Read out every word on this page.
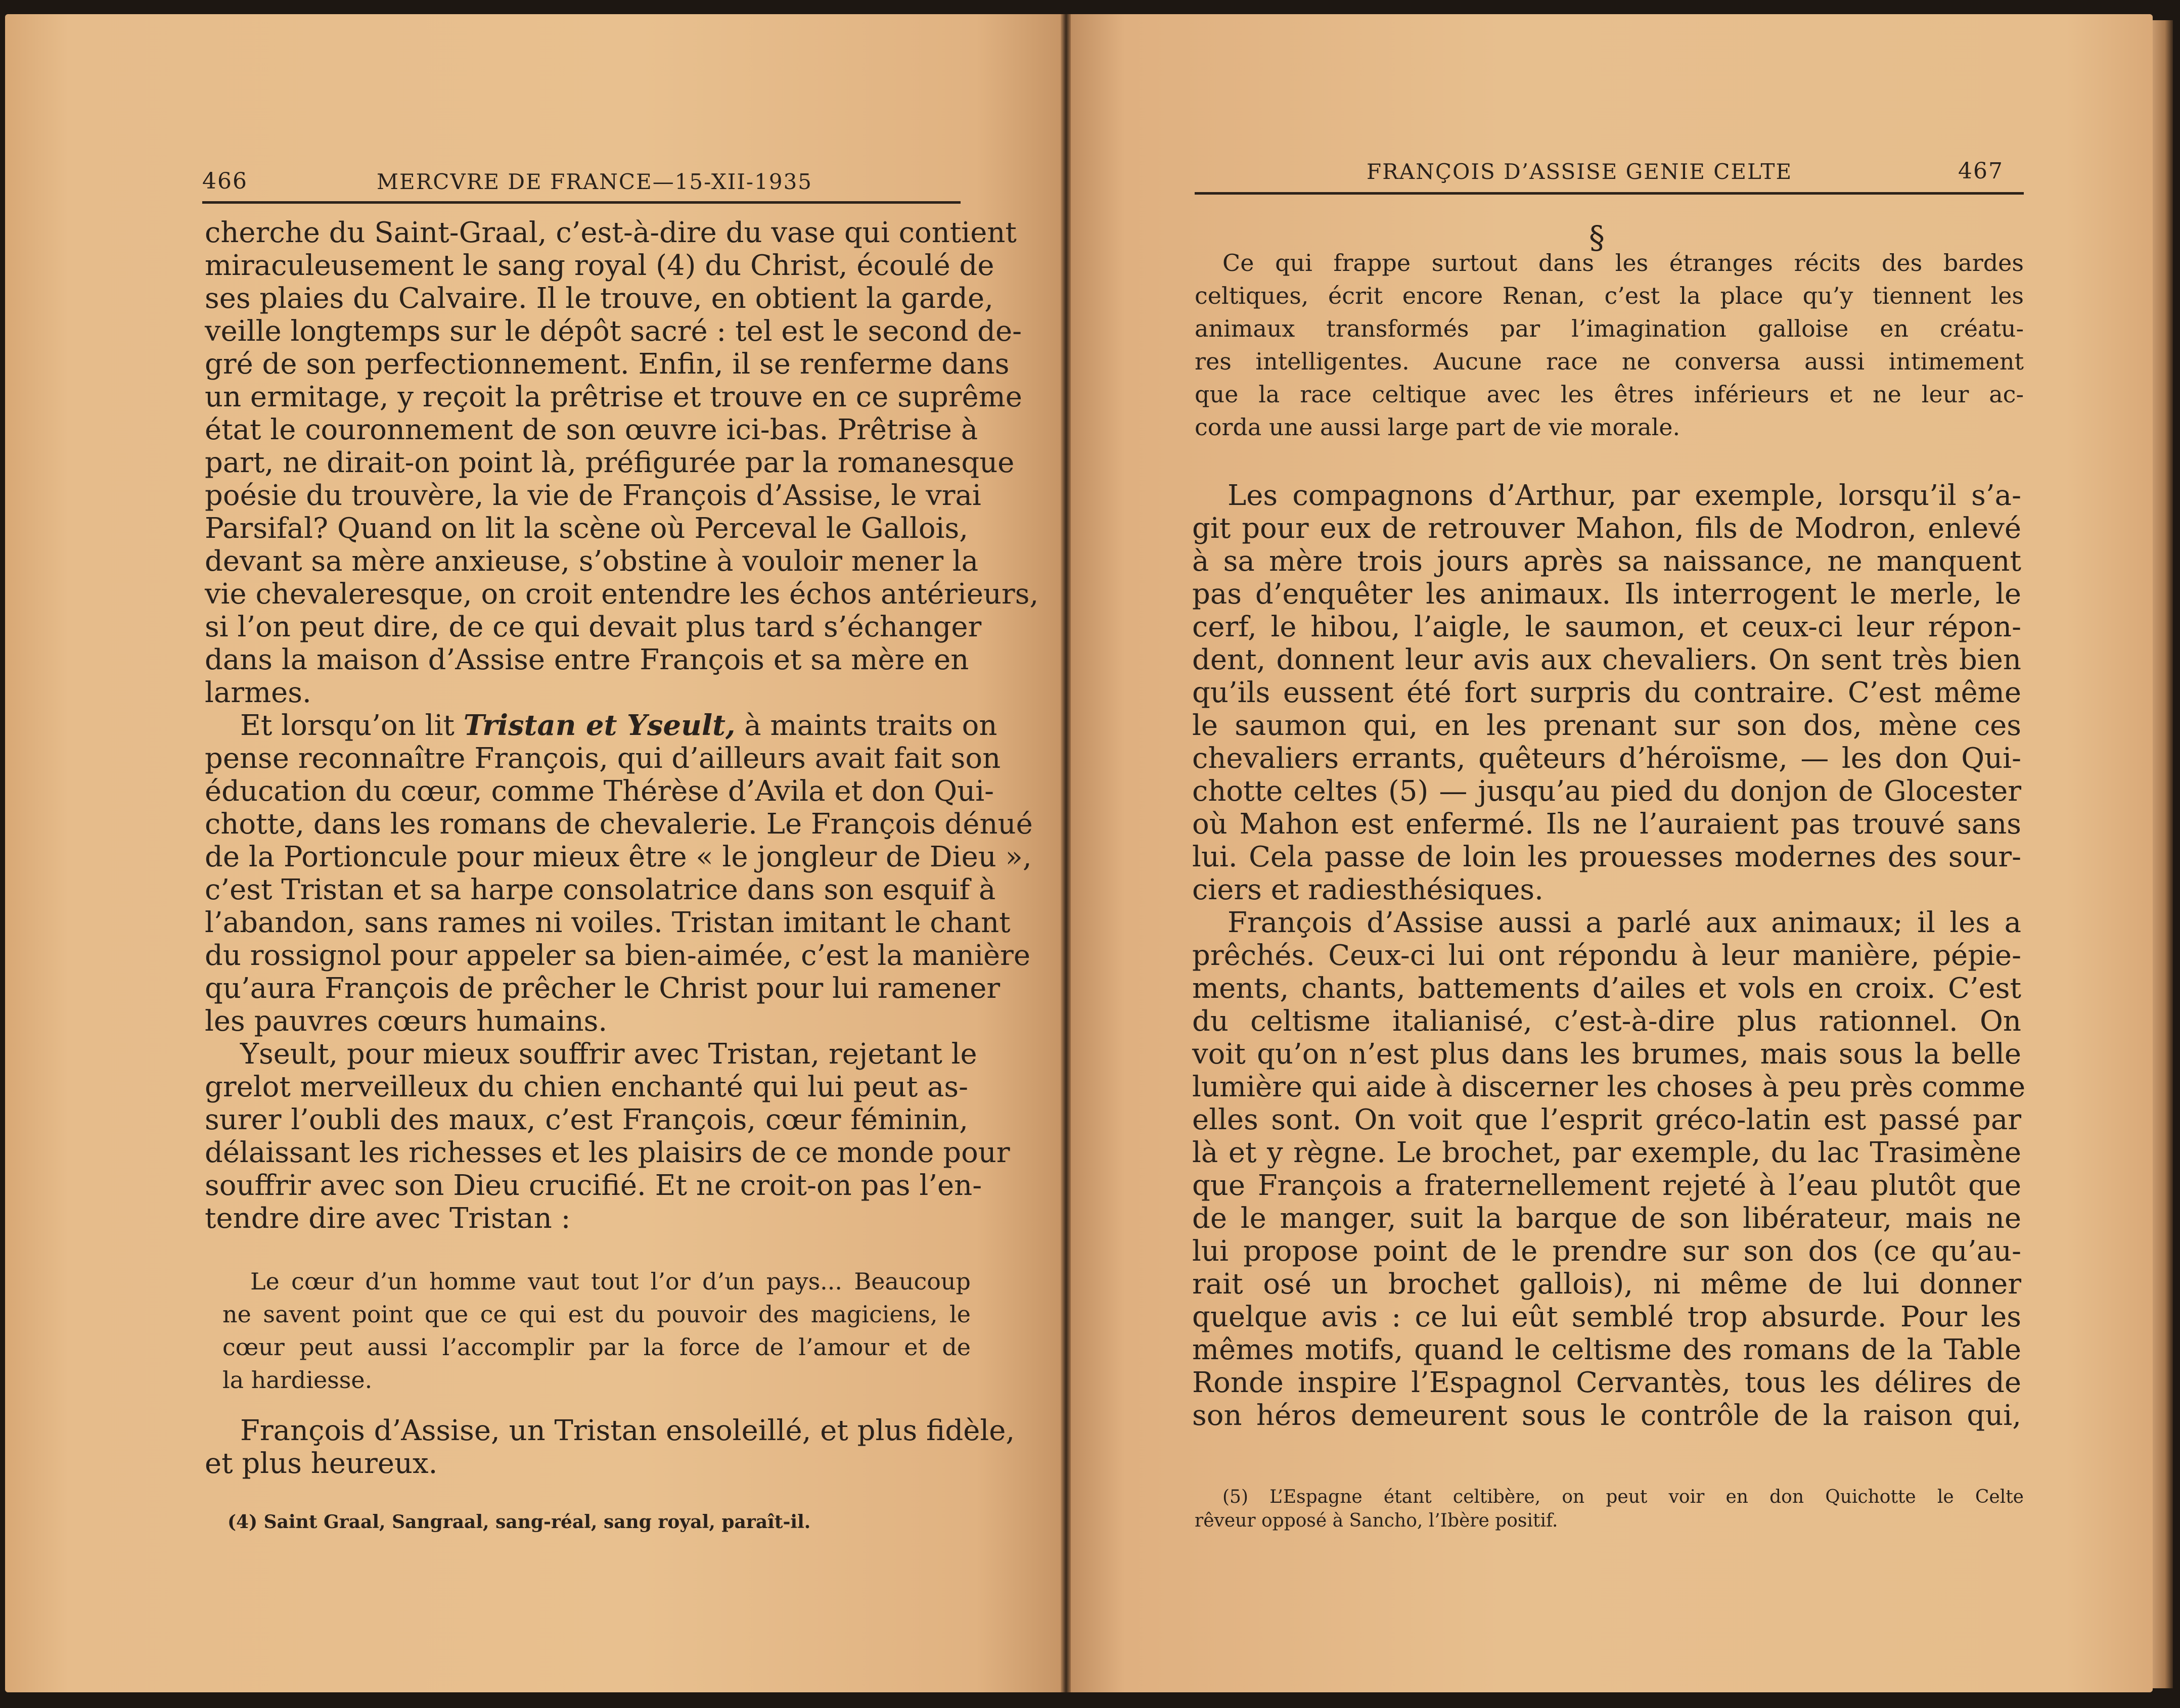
466	MERCVRE DE FRANCE—15-XII-1935
cherche du Saint-Graal, c’est-à-dire du vase qui contient
miraculeusement le sang royal (4) du Christ, écoulé de
ses plaies du Calvaire. Il le trouve, en obtient la garde,
veille longtemps sur le dépôt sacré : tel est le second de-
gré de son perfectionnement. Enfin, il se renferme dans
un ermitage, y reçoit la prêtrise et trouve en ce suprême
état le couronnement de son œuvre ici-bas. Prêtrise à
part, ne dirait-on point là, préfigurée par la romanesque
poésie du trouvère, la vie de François d’Assise, le vrai
Parsifal? Quand on lit la scène où Perceval le Gallois,
devant sa mère anxieuse, s’obstine à vouloir mener la
vie chevaleresque, on croit entendre les échos antérieurs,
si l’on peut dire, de ce qui devait plus tard s’échanger
dans la maison d’Assise entre François et sa mère en
larmes.
Et lorsqu’on lit Tristan et Yseult, à maints traits on
pense reconnaître François, qui d’ailleurs avait fait son
éducation du cœur, comme Thérèse d’Avila et don Qui-
chotte, dans les romans de chevalerie. Le François dénué
de la Portioncule pour mieux être « le jongleur de Dieu »,
c’est Tristan et sa harpe consolatrice dans son esquif à
l’abandon, sans rames ni voiles. Tristan imitant le chant
du rossignol pour appeler sa bien-aimée, c’est la manière
qu’aura François de prêcher le Christ pour lui ramener
les pauvres cœurs humains.
Yseult, pour mieux souffrir avec Tristan, rejetant le
grelot merveilleux du chien enchanté qui lui peut as-
surer l’oubli des maux, c’est François, cœur féminin,
délaissant les richesses et les plaisirs de ce monde pour
souffrir avec son Dieu crucifié. Et ne croit-on pas l’en-
tendre dire avec Tristan :
Le cœur d’un homme vaut tout l’or d’un pays... Beaucoup
ne savent point que ce qui est du pouvoir des magiciens, le
cœur peut aussi l’accomplir par la force de l’amour et de
la hardiesse.
François d’Assise, un Tristan ensoleillé, et plus fidèle,
et plus heureux.
(4) Saint Graal, Sangraal, sang-réal, sang royal, paraît-il.
FRANÇOIS D’ASSISE GENIE CELTE	467
§
Ce qui frappe surtout dans les étranges récits des bardes
celtiques, écrit encore Renan, c’est la place qu’y tiennent les
animaux transformés par l’imagination galloise en créatu-
res intelligentes. Aucune race ne conversa aussi intimement
que la race celtique avec les êtres inférieurs et ne leur ac-
corda une aussi large part de vie morale.
Les compagnons d’Arthur, par exemple, lorsqu’il s’a-
git pour eux de retrouver Mahon, fils de Modron, enlevé
à sa mère trois jours après sa naissance, ne manquent
pas d’enquêter les animaux. Ils interrogent le merle, le
cerf, le hibou, l’aigle, le saumon, et ceux-ci leur répon-
dent, donnent leur avis aux chevaliers. On sent très bien
qu’ils eussent été fort surpris du contraire. C’est même
le saumon qui, en les prenant sur son dos, mène ces
chevaliers errants, quêteurs d’héroïsme, — les don Qui-
chotte celtes (5) — jusqu’au pied du donjon de Glocester
où Mahon est enfermé. Ils ne l’auraient pas trouvé sans
lui. Cela passe de loin les prouesses modernes des sour-
ciers et radiesthésiques.
François d’Assise aussi a parlé aux animaux; il les a
prêchés. Ceux-ci lui ont répondu à leur manière, pépie-
ments, chants, battements d’ailes et vols en croix. C’est
du celtisme italianisé, c’est-à-dire plus rationnel. On
voit qu’on n’est plus dans les brumes, mais sous la belle
lumière qui aide à discerner les choses à peu près comme
elles sont. On voit que l’esprit gréco-latin est passé par
là et y règne. Le brochet, par exemple, du lac Trasimène
que François a fraternellement rejeté à l’eau plutôt que
de le manger, suit la barque de son libérateur, mais ne
lui propose point de le prendre sur son dos (ce qu’au-
rait osé un brochet gallois), ni même de lui donner
quelque avis : ce lui eût semblé trop absurde. Pour les
mêmes motifs, quand le celtisme des romans de la Table
Ronde inspire l’Espagnol Cervantès, tous les délires de
son héros demeurent sous le contrôle de la raison qui,
(5) L’Espagne étant celtibère, on peut voir en don Quichotte le Celte
rêveur opposé à Sancho, l’Ibère positif.
